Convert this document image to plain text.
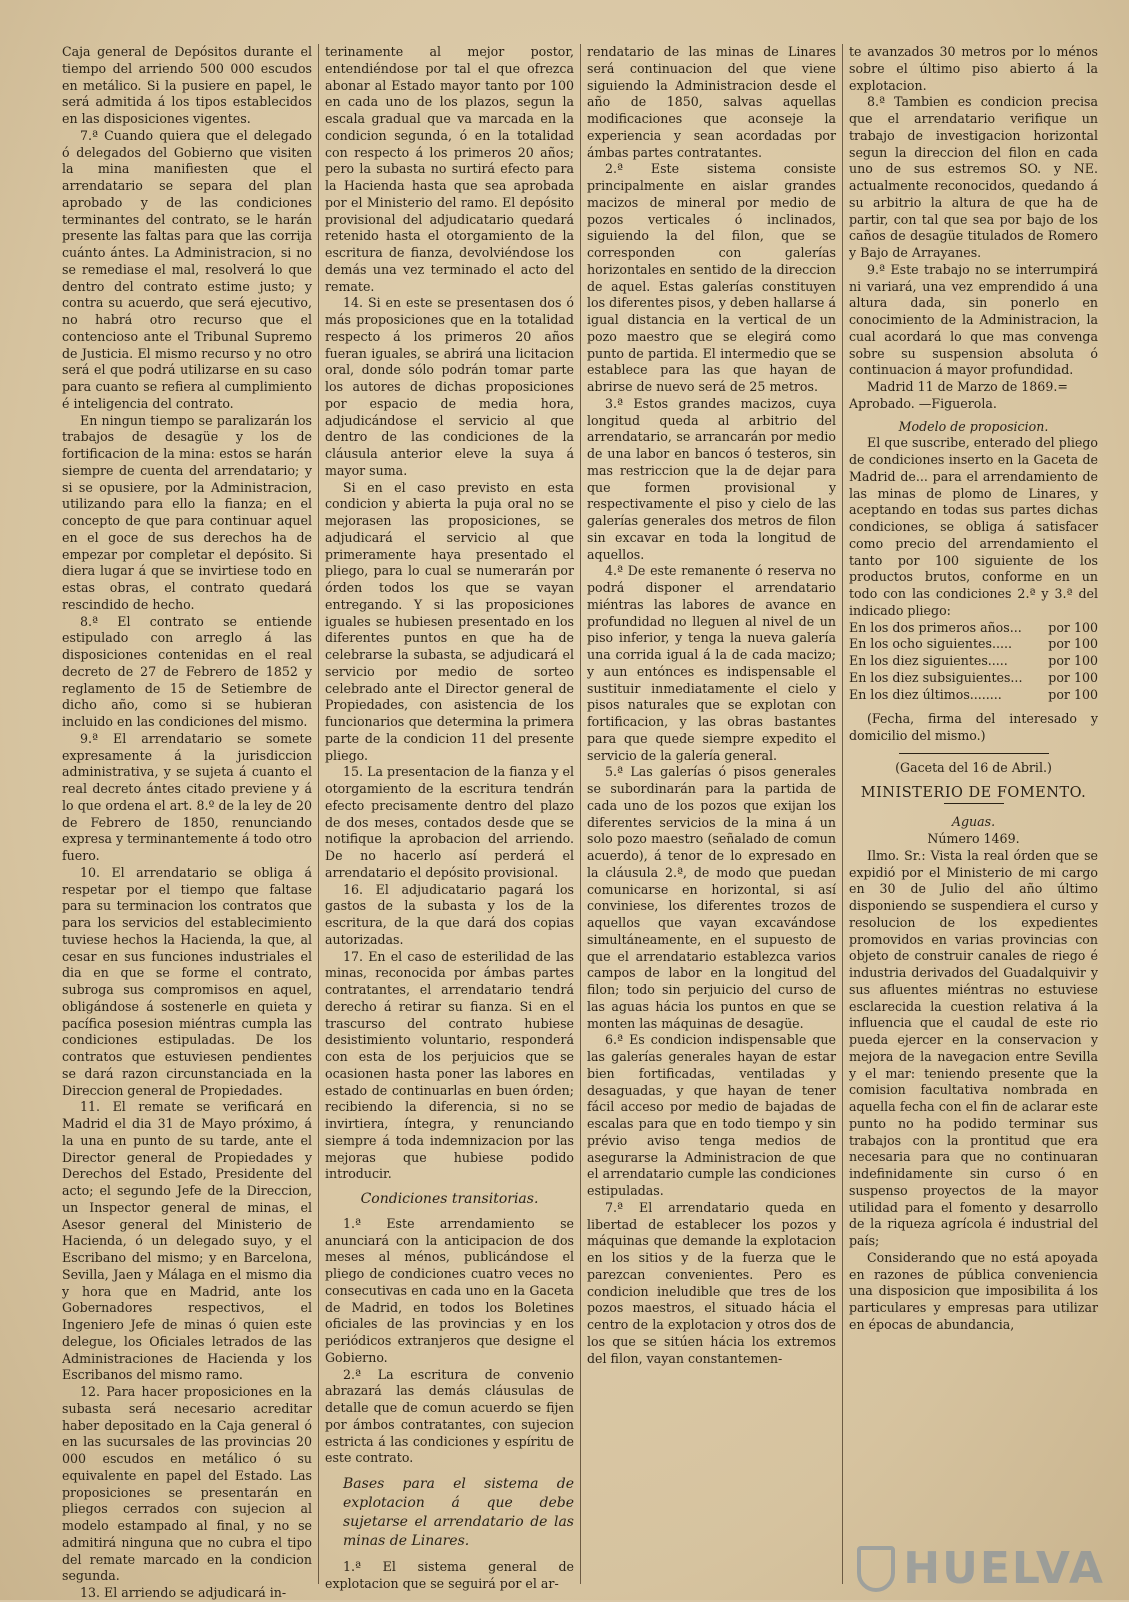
Caja general de Depósitos durante el tiempo del arriendo 500 000 escudos en metálico. Si la pusiere en papel, le será admitida á los tipos establecidos en las disposiciones vigentes.

7.ª Cuando quiera que el delegado ó delegados del Gobierno que visiten la mina manifiesten que el arrendatario se separa del plan aprobado y de las condiciones terminantes del contrato, se le harán presente las faltas para que las corrija cuánto ántes. La Administracion, si no se remediase el mal, resolverá lo que dentro del contrato estime justo; y contra su acuerdo, que será ejecutivo, no habrá otro recurso que el contencioso ante el Tribunal Supremo de Justicia. El mismo recurso y no otro será el que podrá utilizarse en su caso para cuanto se refiera al cumplimiento é inteligencia del contrato.

En ningun tiempo se paralizarán los trabajos de desagüe y los de fortificacion de la mina: estos se harán siempre de cuenta del arrendatario; y si se opusiere, por la Administracion, utilizando para ello la fianza; en el concepto de que para continuar aquel en el goce de sus derechos ha de empezar por completar el depósito. Si diera lugar á que se invirtiese todo en estas obras, el contrato quedará rescindido de hecho.

8.ª El contrato se entiende estipulado con arreglo á las disposiciones contenidas en el real decreto de 27 de Febrero de 1852 y reglamento de 15 de Setiembre de dicho año, como si se hubieran incluido en las condiciones del mismo.

9.ª El arrendatario se somete expresamente á la jurisdiccion administrativa, y se sujeta á cuanto el real decreto ántes citado previene y á lo que ordena el art. 8.º de la ley de 20 de Febrero de 1850, renunciando expresa y terminantemente á todo otro fuero.

10. El arrendatario se obliga á respetar por el tiempo que faltase para su terminacion los contratos que para los servicios del establecimiento tuviese hechos la Hacienda, la que, al cesar en sus funciones industriales el dia en que se forme el contrato, subroga sus compromisos en aquel, obligándose á sostenerle en quieta y pacífica posesion miéntras cumpla las condiciones estipuladas. De los contratos que estuviesen pendientes se dará razon circunstanciada en la Direccion general de Propiedades.

11. El remate se verificará en Madrid el dia 31 de Mayo próximo, á la una en punto de su tarde, ante el Director general de Propiedades y Derechos del Estado, Presidente del acto; el segundo Jefe de la Direccion, un Inspector general de minas, el Asesor general del Ministerio de Hacienda, ó un delegado suyo, y el Escribano del mismo; y en Barcelona, Sevilla, Jaen y Málaga en el mismo dia y hora que en Madrid, ante los Gobernadores respectivos, el Ingeniero Jefe de minas ó quien este delegue, los Oficiales letrados de las Administraciones de Hacienda y los Escribanos del mismo ramo.

12. Para hacer proposiciones en la subasta será necesario acreditar haber depositado en la Caja general ó en las sucursales de las provincias 20 000 escudos en metálico ó su equivalente en papel del Estado. Las proposiciones se presentarán en pliegos cerrados con sujecion al modelo estampado al final, y no se admitirá ninguna que no cubra el tipo del remate marcado en la condicion segunda.

13. El arriendo se adjudicará in-

terinamente al mejor postor, entendiéndose por tal el que ofrezca abonar al Estado mayor tanto por 100 en cada uno de los plazos, segun la escala gradual que va marcada en la condicion segunda, ó en la totalidad con respecto á los primeros 20 años; pero la subasta no surtirá efecto para la Hacienda hasta que sea aprobada por el Ministerio del ramo. El depósito provisional del adjudicatario quedará retenido hasta el otorgamiento de la escritura de fianza, devolviéndose los demás una vez terminado el acto del remate.

14. Si en este se presentasen dos ó más proposiciones que en la totalidad respecto á los primeros 20 años fueran iguales, se abrirá una licitacion oral, donde sólo podrán tomar parte los autores de dichas proposiciones por espacio de media hora, adjudicándose el servicio al que dentro de las condiciones de la cláusula anterior eleve la suya á mayor suma.

Si en el caso previsto en esta condicion y abierta la puja oral no se mejorasen las proposiciones, se adjudicará el servicio al que primeramente haya presentado el pliego, para lo cual se numerarán por órden todos los que se vayan entregando. Y si las proposiciones iguales se hubiesen presentado en los diferentes puntos en que ha de celebrarse la subasta, se adjudicará el servicio por medio de sorteo celebrado ante el Director general de Propiedades, con asistencia de los funcionarios que determina la primera parte de la condicion 11 del presente pliego.

15. La presentacion de la fianza y el otorgamiento de la escritura tendrán efecto precisamente dentro del plazo de dos meses, contados desde que se notifique la aprobacion del arriendo. De no hacerlo así perderá el arrendatario el depósito provisional.

16. El adjudicatario pagará los gastos de la subasta y los de la escritura, de la que dará dos copias autorizadas.

17. En el caso de esterilidad de las minas, reconocida por ámbas partes contratantes, el arrendatario tendrá derecho á retirar su fianza. Si en el trascurso del contrato hubiese desistimiento voluntario, responderá con esta de los perjuicios que se ocasionen hasta poner las labores en estado de continuarlas en buen órden; recibiendo la diferencia, si no se invirtiera, íntegra, y renunciando siempre á toda indemnizacion por las mejoras que hubiese podido introducir.

Condiciones transitorias.

1.ª Este arrendamiento se anunciará con la anticipacion de dos meses al ménos, publicándose el pliego de condiciones cuatro veces no consecutivas en cada uno en la Gaceta de Madrid, en todos los Boletines oficiales de las provincias y en los periódicos extranjeros que designe el Gobierno.

2.ª La escritura de convenio abrazará las demás cláusulas de detalle que de comun acuerdo se fijen por ámbos contratantes, con sujecion estricta á las condiciones y espíritu de este contrato.

Bases para el sistema de explotacion á que debe sujetarse el arrendatario de las minas de Linares.

1.ª El sistema general de explotacion que se seguirá por el ar-

rendatario de las minas de Linares será continuacion del que viene siguiendo la Administracion desde el año de 1850, salvas aquellas modificaciones que aconseje la experiencia y sean acordadas por ámbas partes contratantes.

2.ª Este sistema consiste principalmente en aislar grandes macizos de mineral por medio de pozos verticales ó inclinados, siguiendo la del filon, que se corresponden con galerías horizontales en sentido de la direccion de aquel. Estas galerías constituyen los diferentes pisos, y deben hallarse á igual distancia en la vertical de un pozo maestro que se elegirá como punto de partida. El intermedio que se establece para las que hayan de abrirse de nuevo será de 25 metros.

3.ª Estos grandes macizos, cuya longitud queda al arbitrio del arrendatario, se arrancarán por medio de una labor en bancos ó testeros, sin mas restriccion que la de dejar para que formen provisional y respectivamente el piso y cielo de las galerías generales dos metros de filon sin excavar en toda la longitud de aquellos.

4.ª De este remanente ó reserva no podrá disponer el arrendatario miéntras las labores de avance en profundidad no lleguen al nivel de un piso inferior, y tenga la nueva galería una corrida igual á la de cada macizo; y aun entónces es indispensable el sustituir inmediatamente el cielo y pisos naturales que se explotan con fortificacion, y las obras bastantes para que quede siempre expedito el servicio de la galería general.

5.ª Las galerías ó pisos generales se subordinarán para la partida de cada uno de los pozos que exijan los diferentes servicios de la mina á un solo pozo maestro (señalado de comun acuerdo), á tenor de lo expresado en la cláusula 2.ª, de modo que puedan comunicarse en horizontal, si así conviniese, los diferentes trozos de aquellos que vayan excavándose simultáneamente, en el supuesto de que el arrendatario establezca varios campos de labor en la longitud del filon; todo sin perjuicio del curso de las aguas hácia los puntos en que se monten las máquinas de desagüe.

6.ª Es condicion indispensable que las galerías generales hayan de estar bien fortificadas, ventiladas y desaguadas, y que hayan de tener fácil acceso por medio de bajadas de escalas para que en todo tiempo y sin prévio aviso tenga medios de asegurarse la Administracion de que el arrendatario cumple las condiciones estipuladas.

7.ª El arrendatario queda en libertad de establecer los pozos y máquinas que demande la explotacion en los sitios y de la fuerza que le parezcan convenientes. Pero es condicion ineludible que tres de los pozos maestros, el situado hácia el centro de la explotacion y otros dos de los que se sitúen hácia los extremos del filon, vayan constantemen-

te avanzados 30 metros por lo ménos sobre el último piso abierto á la explotacion.

8.ª Tambien es condicion precisa que el arrendatario verifique un trabajo de investigacion horizontal segun la direccion del filon en cada uno de sus estremos SO. y NE. actualmente reconocidos, quedando á su arbitrio la altura de que ha de partir, con tal que sea por bajo de los caños de desagüe titulados de Romero y Bajo de Arrayanes.

9.ª Este trabajo no se interrumpirá ni variará, una vez emprendido á una altura dada, sin ponerlo en conocimiento de la Administracion, la cual acordará lo que mas convenga sobre su suspension absoluta ó continuacion á mayor profundidad.

Madrid 11 de Marzo de 1869.=

Aprobado. —Figuerola.

Modelo de proposicion.

El que suscribe, enterado del pliego de condiciones inserto en la Gaceta de Madrid de... para el arrendamiento de las minas de plomo de Linares, y aceptando en todas sus partes dichas condiciones, se obliga á satisfacer como precio del arrendamiento el tanto por 100 siguiente de los productos brutos, conforme en un todo con las condiciones 2.ª y 3.ª del indicado pliego:

En los dos primeros años... por 100
En los ocho siguientes.....	por 100
En los diez siguientes.....	por 100
En los diez subsiguientes... por 100
En los diez últimos........	por 100

(Fecha, firma del interesado y domicilio del mismo.)

(Gaceta del 16 de Abril.)

MINISTERIO DE FOMENTO.

Aguas.

Número 1469.

Ilmo. Sr.: Vista la real órden que se expidió por el Ministerio de mi cargo en 30 de Julio del año último disponiendo se suspendiera el curso y resolucion de los expedientes promovidos en varias provincias con objeto de construir canales de riego é industria derivados del Guadalquivir y sus afluentes miéntras no estuviese esclarecida la cuestion relativa á la influencia que el caudal de este rio pueda ejercer en la conservacion y mejora de la navegacion entre Sevilla y el mar: teniendo presente que la comision facultativa nombrada en aquella fecha con el fin de aclarar este punto no ha podido terminar sus trabajos con la prontitud que era necesaria para que no continuaran indefinidamente sin curso ó en suspenso proyectos de la mayor utilidad para el fomento y desarrollo de la riqueza agrícola é industrial del país;

Considerando que no está apoyada en razones de pública conveniencia una disposicion que imposibilita á los particulares y empresas para utilizar en épocas de abundancia,

HUELVA
